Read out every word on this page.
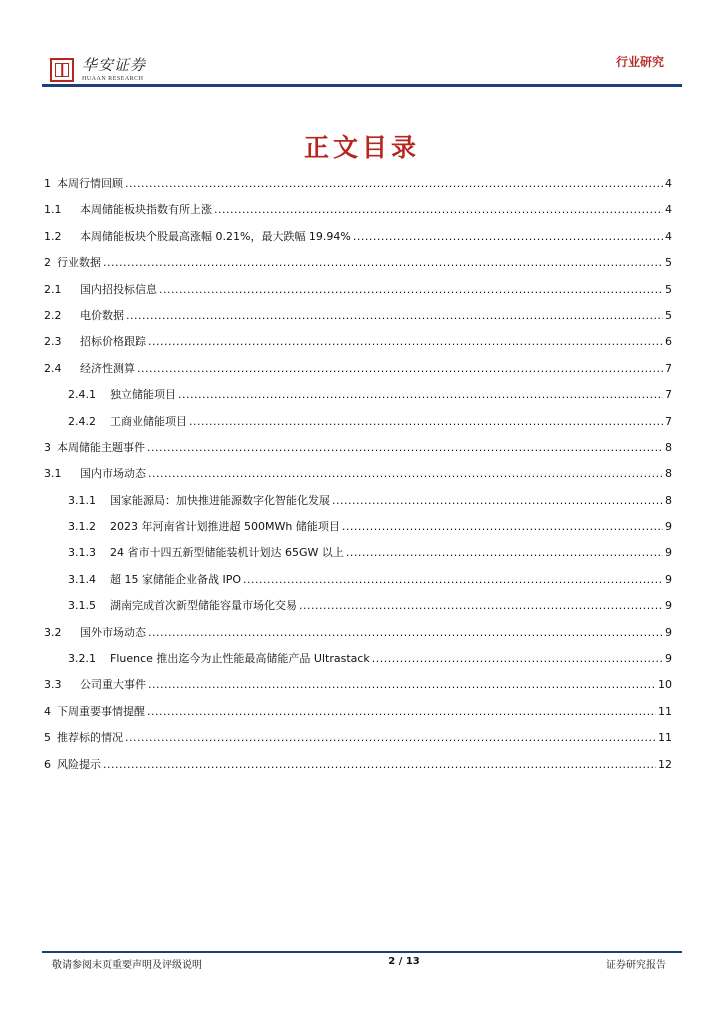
华安证券
HUAAN RESEARCH
行业研究
正文目录
1 本周行情回顾 .....	4
1.1	本周储能板块指数有所上涨 .....	4
1.2	本周储能板块个股最高涨幅 0.21%，最大跌幅 19.94% .....	4
2 行业数据 .....	5
2.1	国内招投标信息 .....	5
2.2	电价数据 .....	5
2.3	招标价格跟踪 .....	6
2.4	经济性测算 .....	7
2.4.1	独立储能项目 .....	7
2.4.2	工商业储能项目 .....	7
3 本周储能主题事件 .....	8
3.1	国内市场动态 .....	8
3.1.1	国家能源局：加快推进能源数字化智能化发展 .....	8
3.1.2	2023 年河南省计划推进超 500MWh 储能项目 .....	9
3.1.3	24 省市十四五新型储能装机计划达 65GW 以上 .....	9
3.1.4	超 15 家储能企业备战 IPO .....	9
3.1.5	湖南完成首次新型储能容量市场化交易 .....	9
3.2	国外市场动态 .....	9
3.2.1	Fluence 推出迄今为止性能最高储能产品 Ultrastack .....	9
3.3	公司重大事件 .....	10
4 下周重要事情提醒 .....	11
5 推荐标的情况 .....	11
6 风险提示 .....	12
敬请参阅末页重要声明及评级说明	2 / 13	证券研究报告
